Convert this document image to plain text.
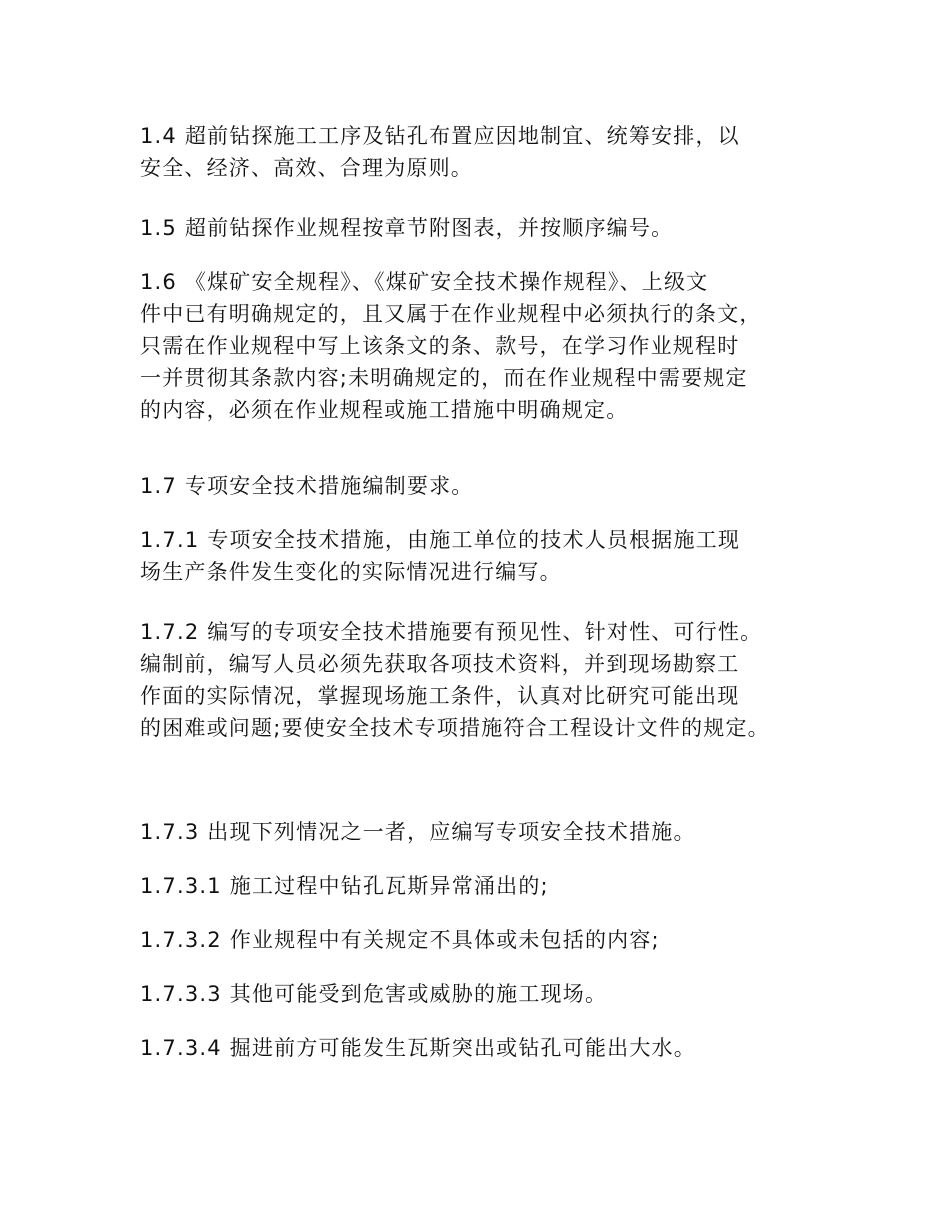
1.4 超前钻探施工工序及钻孔布置应因地制宜、统筹安排，以
安全、经济、高效、合理为原则。

1.5 超前钻探作业规程按章节附图表，并按顺序编号。

1.6 《煤矿安全规程》、《煤矿安全技术操作规程》、上级文
件中已有明确规定的，且又属于在作业规程中必须执行的条文，
只需在作业规程中写上该条文的条、款号，在学习作业规程时
一并贯彻其条款内容;未明确规定的，而在作业规程中需要规定
的内容，必须在作业规程或施工措施中明确规定。

1.7 专项安全技术措施编制要求。

1.7.1 专项安全技术措施，由施工单位的技术人员根据施工现
场生产条件发生变化的实际情况进行编写。

1.7.2 编写的专项安全技术措施要有预见性、针对性、可行性。
编制前，编写人员必须先获取各项技术资料，并到现场勘察工
作面的实际情况，掌握现场施工条件，认真对比研究可能出现
的困难或问题;要使安全技术专项措施符合工程设计文件的规定。

1.7.3 出现下列情况之一者，应编写专项安全技术措施。

1.7.3.1 施工过程中钻孔瓦斯异常涌出的;

1.7.3.2 作业规程中有关规定不具体或未包括的内容;

1.7.3.3 其他可能受到危害或威胁的施工现场。

1.7.3.4 掘进前方可能发生瓦斯突出或钻孔可能出大水。
